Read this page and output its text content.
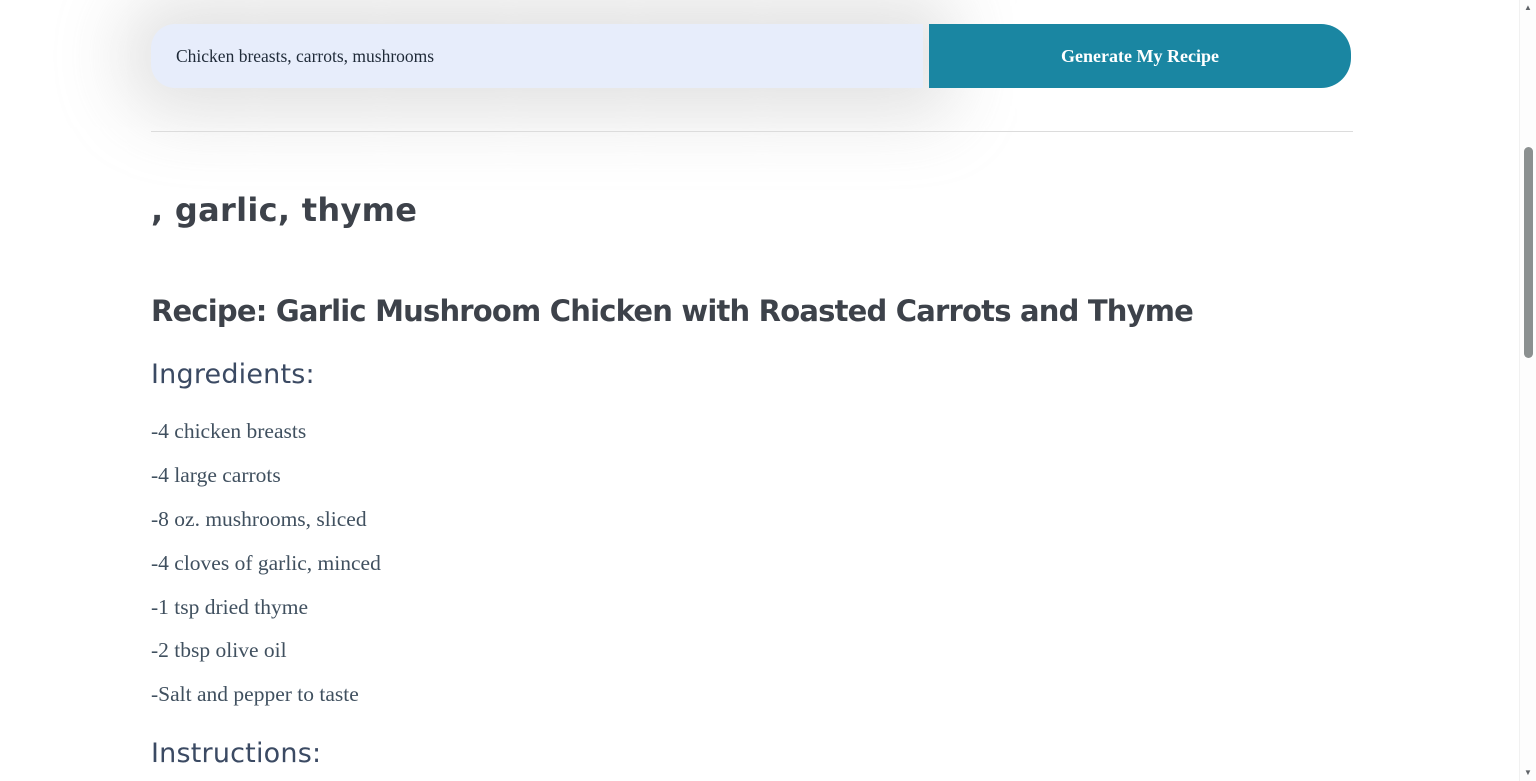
Chicken breasts, carrots, mushrooms
Generate My Recipe
, garlic, thyme
Recipe: Garlic Mushroom Chicken with Roasted Carrots and Thyme
Ingredients:
-4 chicken breasts
-4 large carrots
-8 oz. mushrooms, sliced
-4 cloves of garlic, minced
-1 tsp dried thyme
-2 tbsp olive oil
-Salt and pepper to taste
Instructions:
▲
▼
